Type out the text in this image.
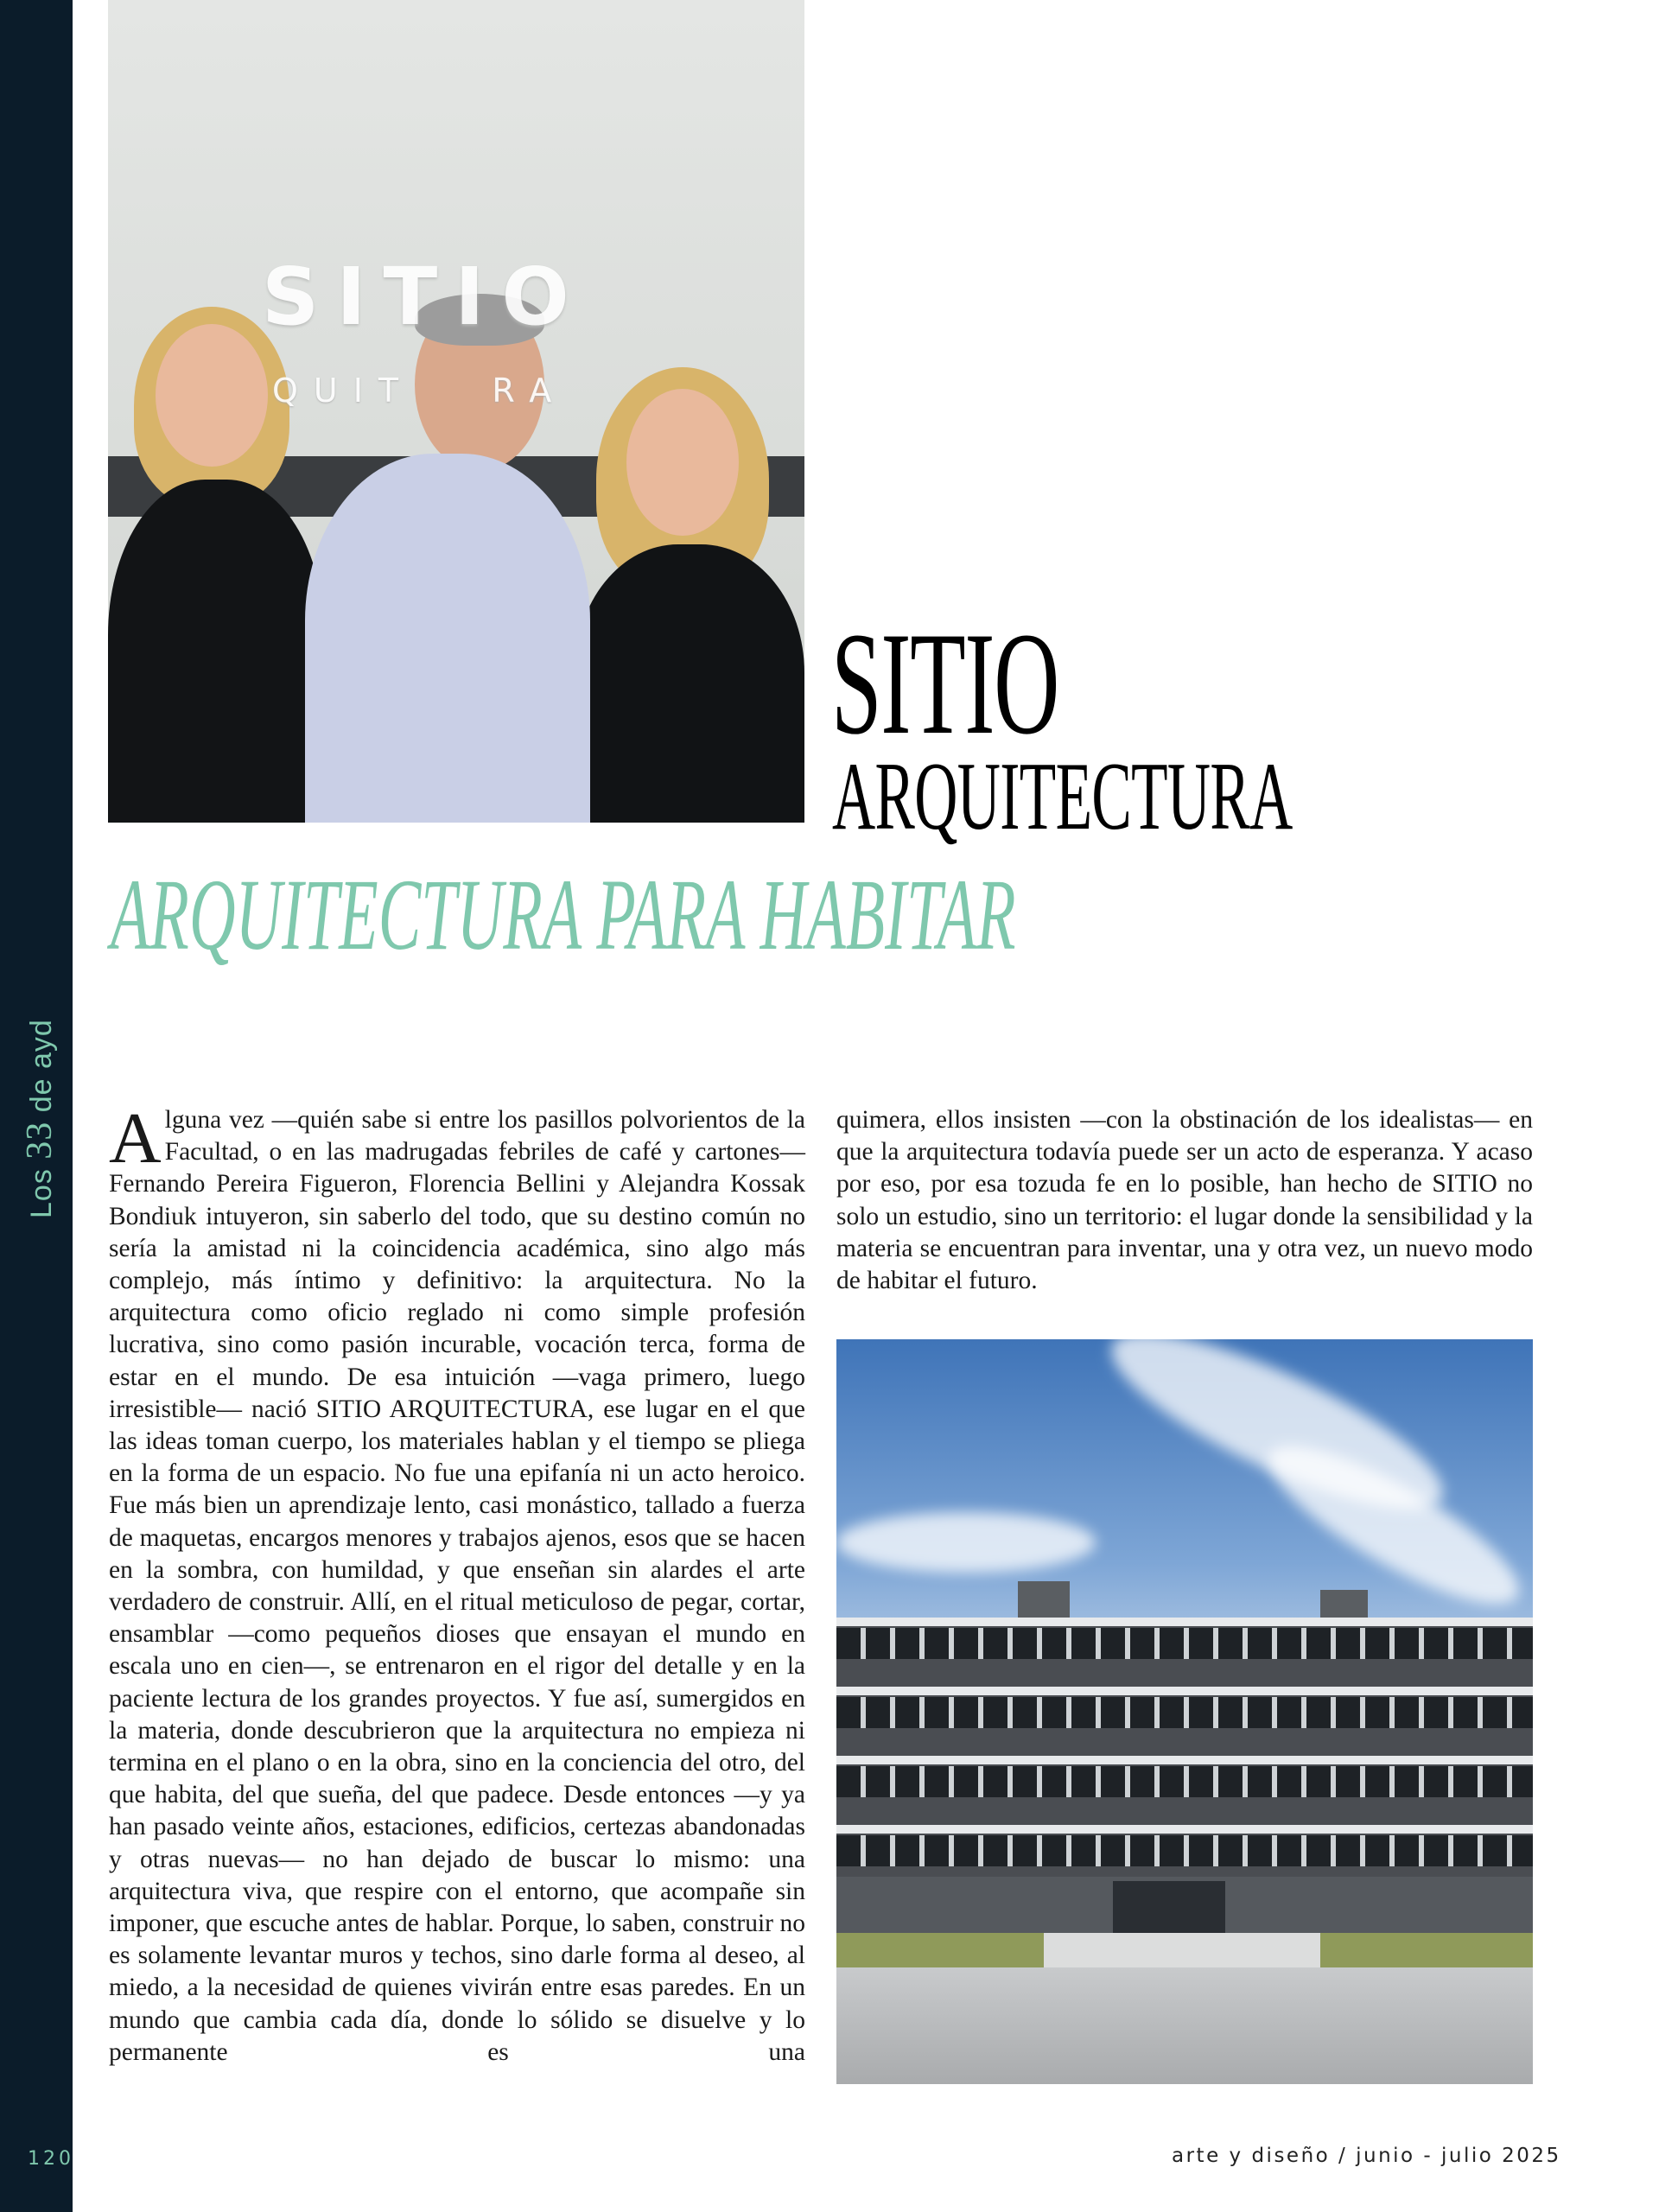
Los 33 de ayd
120
SITIO
QUIT   RA
SITIO
ARQUITECTURA
ARQUITECTURA PARA HABITAR

Alguna vez —quién sabe si entre los pasillos polvorientos de la Facultad, o en las madrugadas febriles de café y cartones— Fernando Pereira Figueron, Florencia Bellini y Alejandra Kossak Bondiuk intuyeron, sin saberlo del todo, que su destino común no sería la amistad ni la coincidencia académica, sino algo más complejo, más íntimo y definitivo: la arquitectura. No la arquitectura como oficio reglado ni como simple profesión lucrativa, sino como pasión incurable, vocación terca, forma de estar en el mundo. De esa intuición —vaga primero, luego irresistible— nació SITIO ARQUITECTURA, ese lugar en el que las ideas toman cuerpo, los materiales hablan y el tiempo se pliega en la forma de un espacio. No fue una epifanía ni un acto heroico. Fue más bien un aprendizaje lento, casi monástico, tallado a fuerza de maquetas, encargos menores y trabajos ajenos, esos que se hacen en la sombra, con humildad, y que enseñan sin alardes el arte verdadero de construir. Allí, en el ritual meticuloso de pegar, cortar, ensamblar —como pequeños dioses que ensayan el mundo en escala uno en cien—, se entrenaron en el rigor del detalle y en la paciente lectura de los grandes proyectos. Y fue así, sumergidos en la materia, donde descubrieron que la arquitectura no empieza ni termina en el plano o en la obra, sino en la conciencia del otro, del que habita, del que sueña, del que padece. Desde entonces —y ya han pasado veinte años, estaciones, edificios, certezas abandonadas y otras nuevas— no han dejado de buscar lo mismo: una arquitectura viva, que respire con el entorno, que acompañe sin imponer, que escuche antes de hablar. Porque, lo saben, construir no es solamente levantar muros y techos, sino darle forma al deseo, al miedo, a la necesidad de quienes vivirán entre esas paredes. En un mundo que cambia cada día, donde lo sólido se disuelve y lo permanente es una

quimera, ellos insisten —con la obstinación de los idealistas— en que la arquitectura todavía puede ser un acto de esperanza. Y acaso por eso, por esa tozuda fe en lo posible, han hecho de SITIO no solo un estudio, sino un territorio: el lugar donde la sensibilidad y la materia se encuentran para inventar, una y otra vez, un nuevo modo de habitar el futuro.

arte y diseño / junio - julio 2025
